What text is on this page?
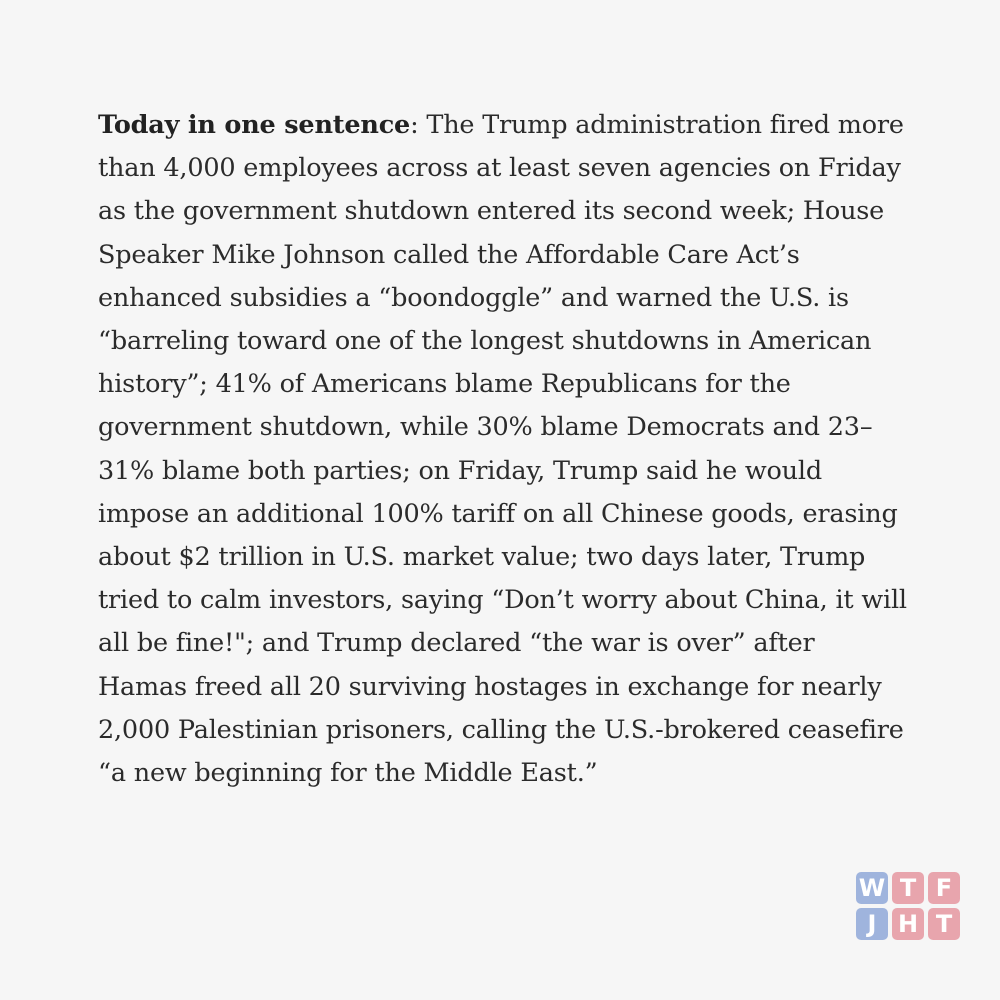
Today in one sentence: The Trump administration fired more than 4,000 employees across at least seven agencies on Friday as the government shutdown entered its second week; House Speaker Mike Johnson called the Affordable Care Act’s enhanced subsidies a “boondoggle” and warned the U.S. is “barreling toward one of the longest shutdowns in American history”; 41% of Americans blame Republicans for the government shutdown, while 30% blame Democrats and 23–31% blame both parties; on Friday, Trump said he would impose an additional 100% tariff on all Chinese goods, erasing about $2 trillion in U.S. market value; two days later, Trump tried to calm investors, saying “Don’t worry about China, it will all be fine!"; and Trump declared “the war is over” after Hamas freed all 20 surviving hostages in exchange for nearly 2,000 Palestinian prisoners, calling the U.S.-brokered ceasefire “a new beginning for the Middle East.”

W T F
J H T
